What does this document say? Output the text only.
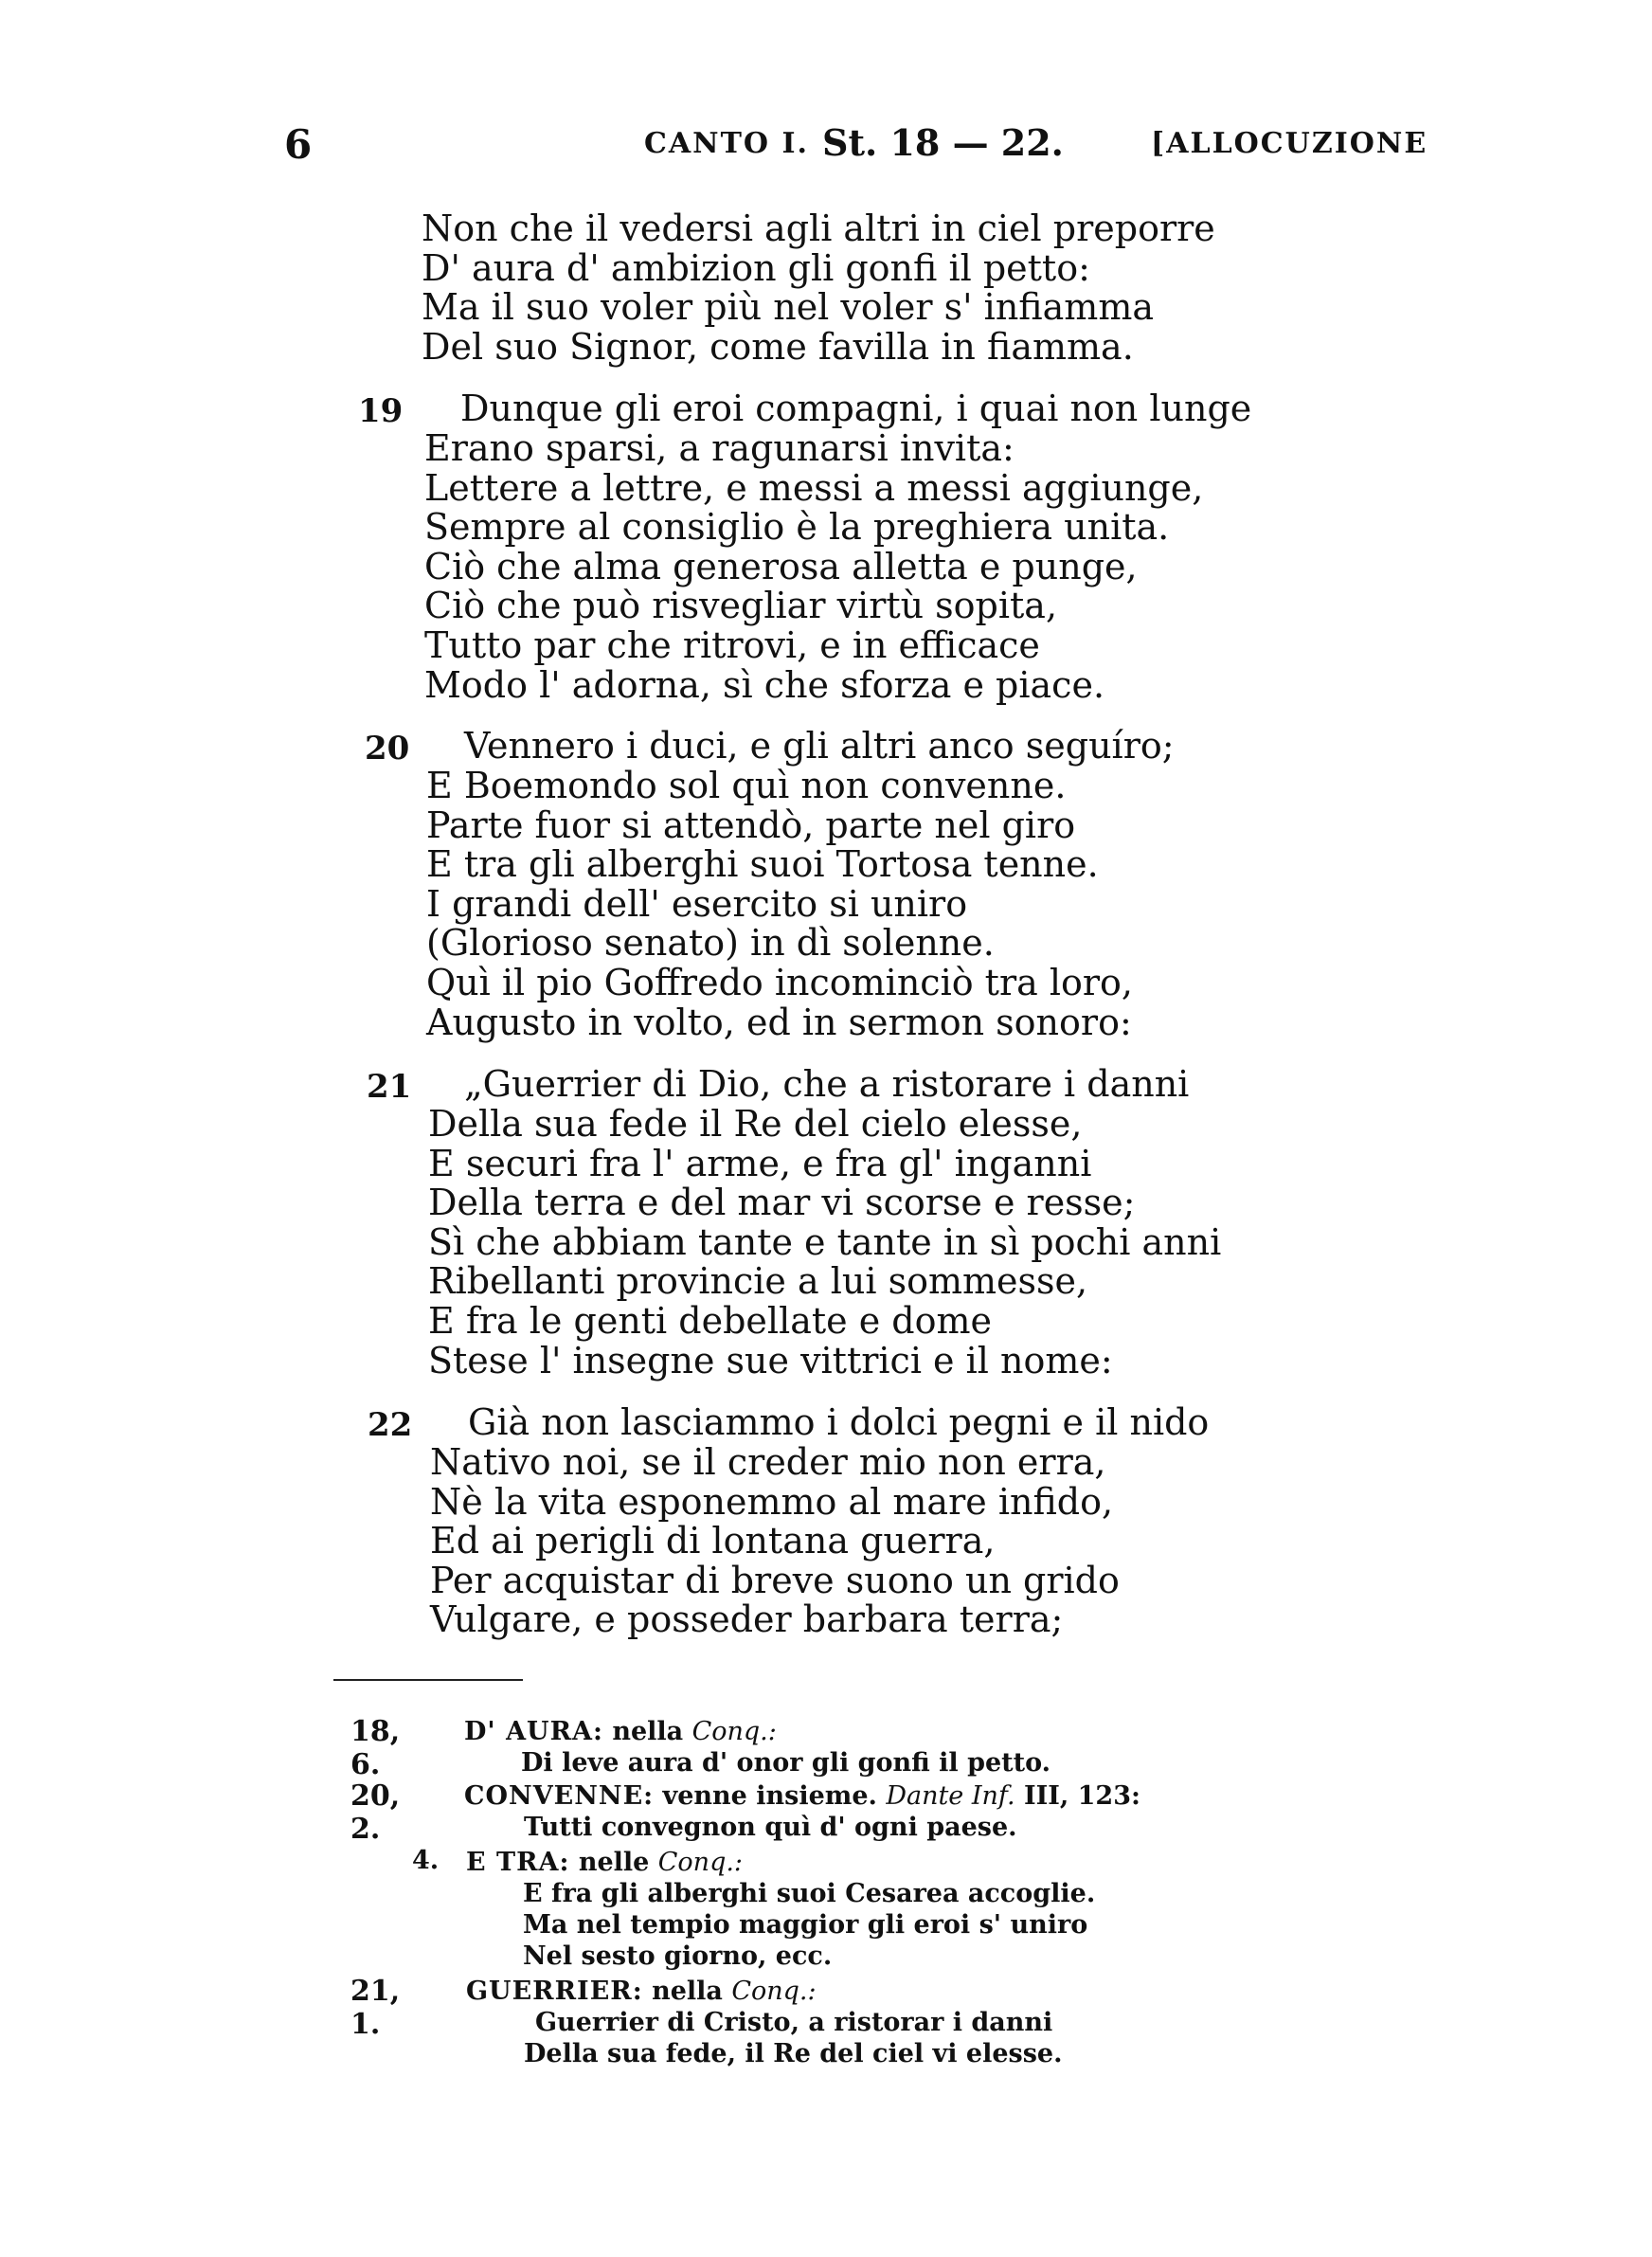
6	CANTO I. St. 18 — 22.	[ALLOCUZIONE
Non che il vedersi agli altri in ciel preporre
D' aura d' ambizion gli gonfi il petto:
Ma il suo voler più nel voler s' infiamma
Del suo Signor, come favilla in fiamma.
19 Dunque gli eroi compagni, i quai non lunge
Erano sparsi, a ragunarsi invita:
Lettere a lettre, e messi a messi aggiunge,
Sempre al consiglio è la preghiera unita.
Ciò che alma generosa alletta e punge,
Ciò che può risvegliar virtù sopita,
Tutto par che ritrovi, e in efficace
Modo l' adorna, sì che sforza e piace.
20 Vennero i duci, e gli altri anco seguíro;
E Boemondo sol quì non convenne.
Parte fuor si attendò, parte nel giro
E tra gli alberghi suoi Tortosa tenne.
I grandi dell' esercito si uniro
(Glorioso senato) in dì solenne.
Quì il pio Goffredo incominciò tra loro,
Augusto in volto, ed in sermon sonoro:
21 „Guerrier di Dio, che a ristorare i danni
Della sua fede il Re del cielo elesse,
E securi fra l' arme, e fra gl' inganni
Della terra e del mar vi scorse e resse;
Sì che abbiam tante e tante in sì pochi anni
Ribellanti provincie a lui sommesse,
E fra le genti debellate e dome
Stese l' insegne sue vittrici e il nome:
22 Già non lasciammo i dolci pegni e il nido
Nativo noi, se il creder mio non erra,
Nè la vita esponemmo al mare infido,
Ed ai perigli di lontana guerra,
Per acquistar di breve suono un grido
Vulgare, e posseder barbara terra;
18, 6.
D' AURA: nella Conq.:
Di leve aura d' onor gli gonfi il petto.
20, 2.
CONVENNE: venne insieme. Dante Inf. III, 123:
Tutti convegnon quì d' ogni paese.
4. E TRA: nelle Conq.:
E fra gli alberghi suoi Cesarea accoglie.
Ma nel tempio maggior gli eroi s' uniro
Nel sesto giorno, ecc.
21, 1.
GUERRIER: nella Conq.:
Guerrier di Cristo, a ristorar i danni
Della sua fede, il Re del ciel vi elesse.
